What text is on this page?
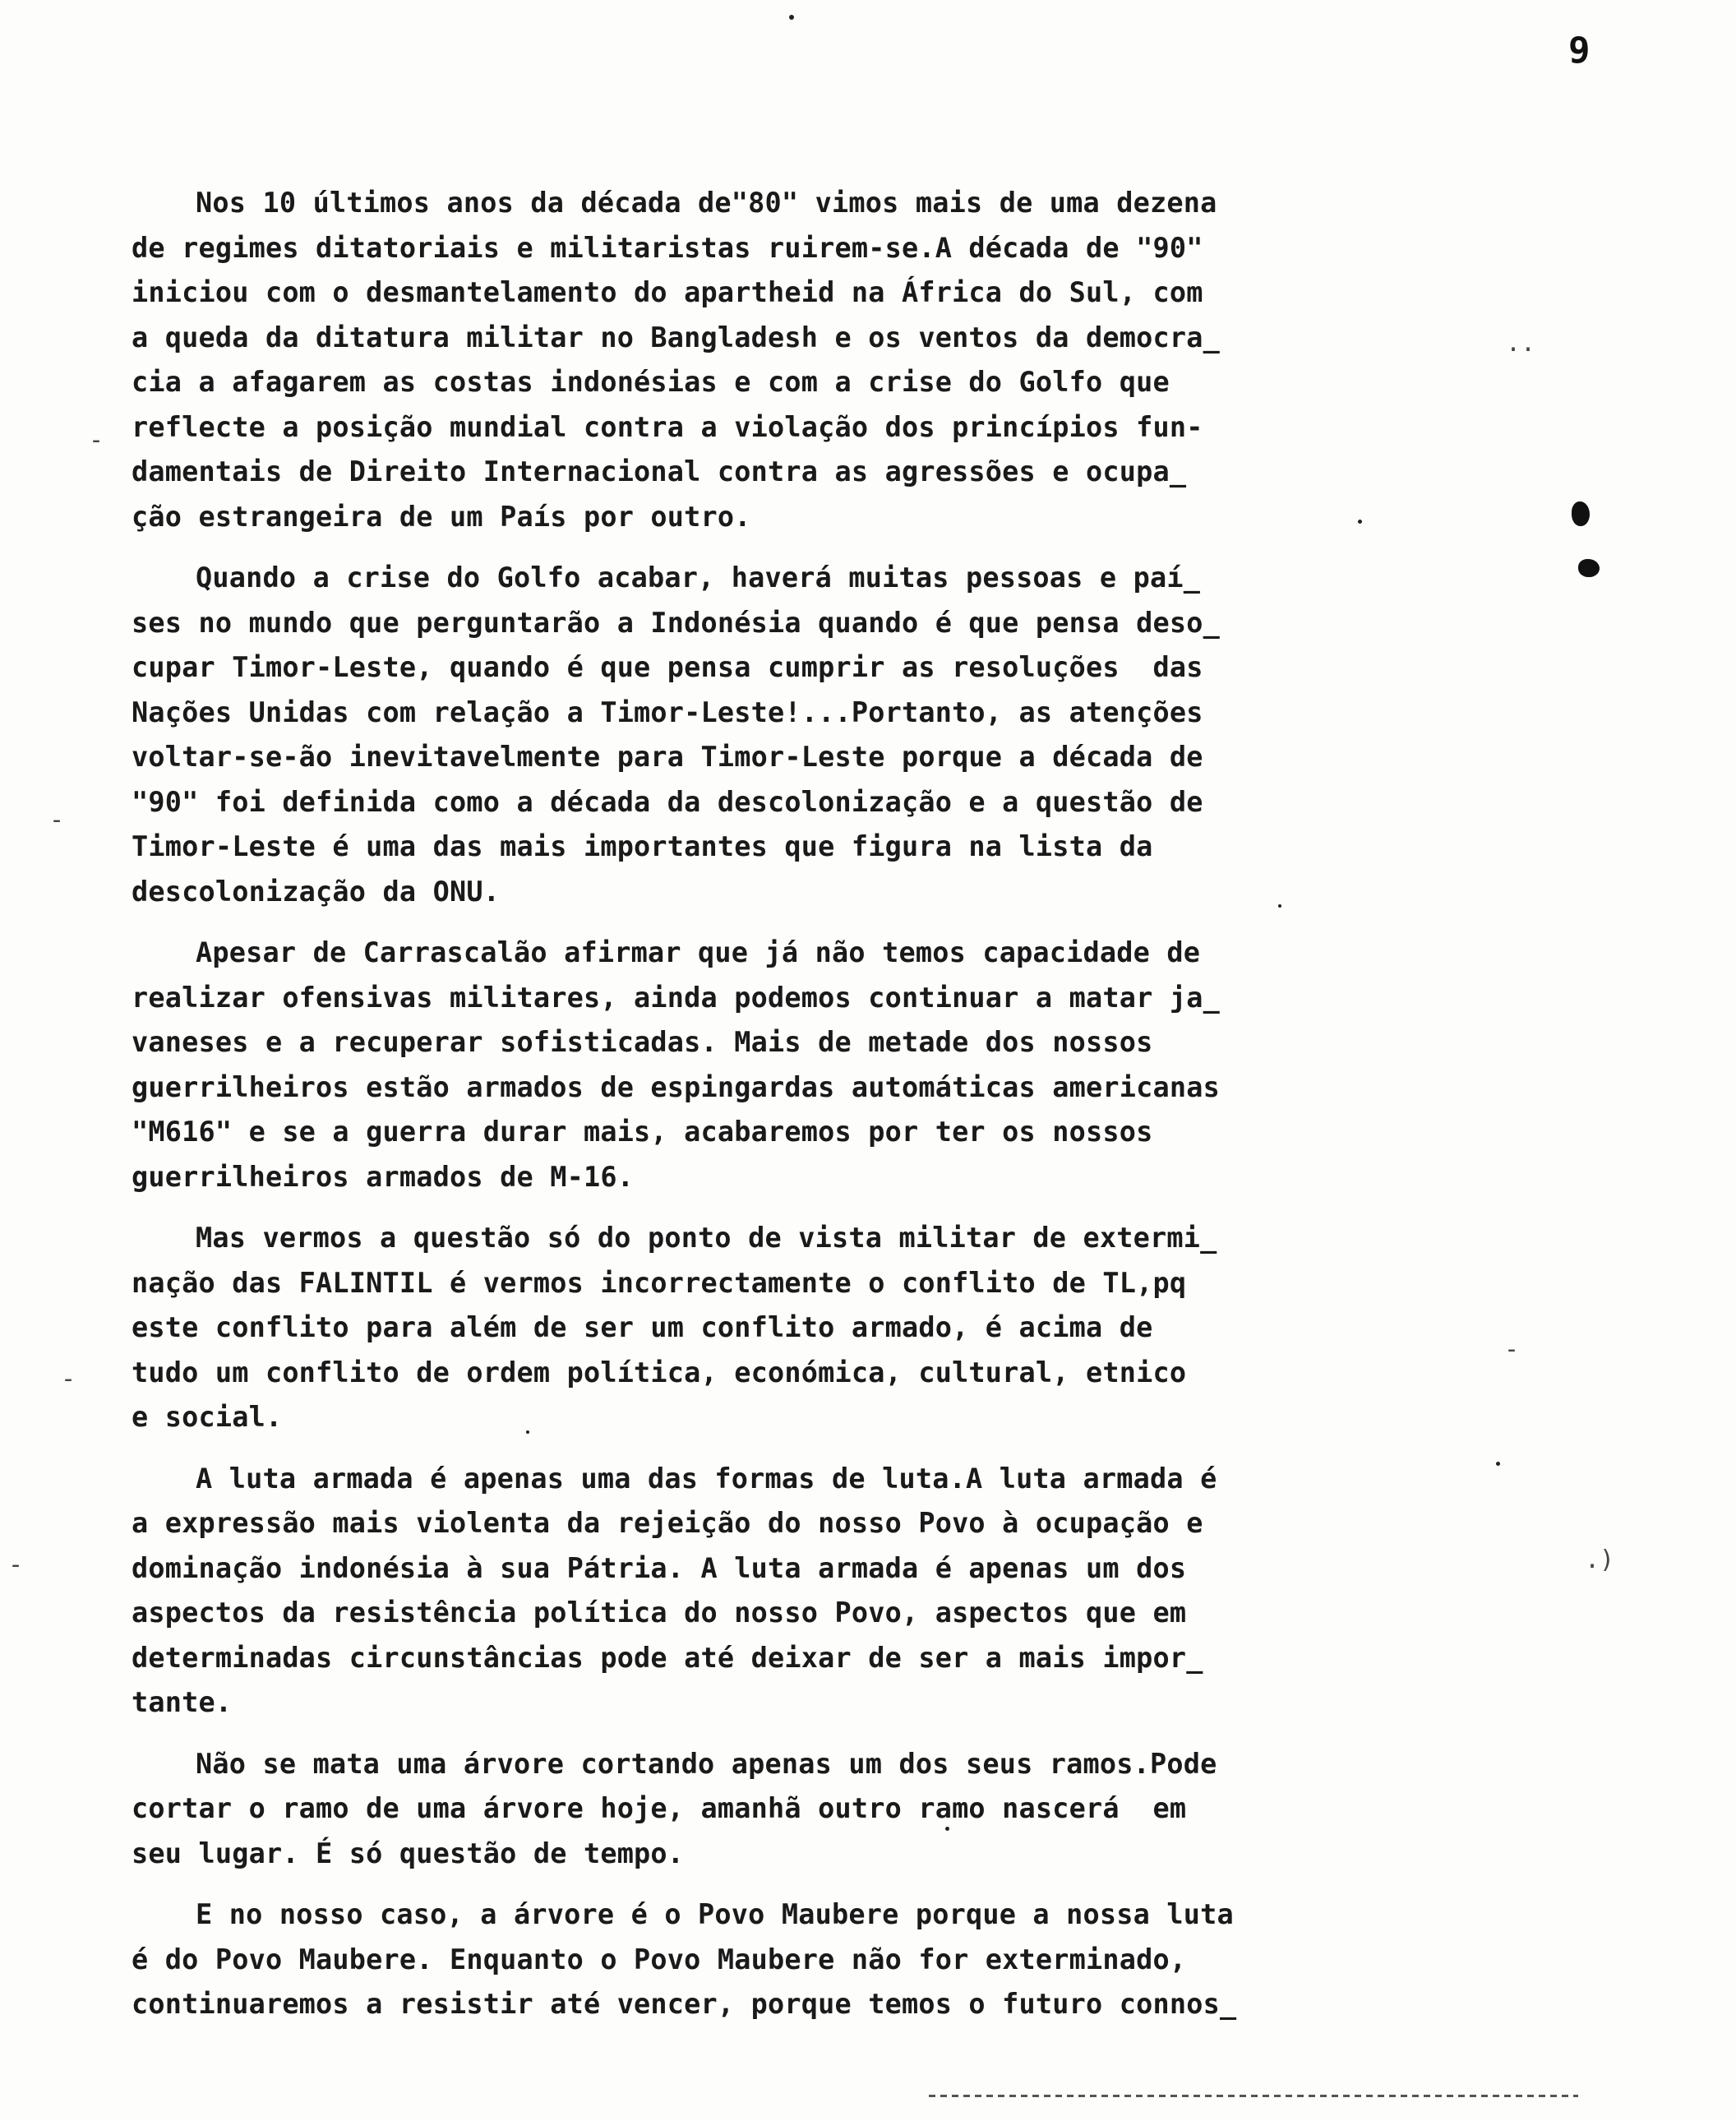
9

Nos 10 últimos anos da década de"80" vimos mais de uma dezena
de regimes ditatoriais e militaristas ruirem-se.A década de "90"
iniciou com o desmantelamento do apartheid na África do Sul, com
a queda da ditatura militar no Bangladesh e os ventos da democra_
cia a afagarem as costas indonésias e com a crise do Golfo que
reflecte a posição mundial contra a violação dos princípios fun-
damentais de Direito Internacional contra as agressões e ocupa_
ção estrangeira de um País por outro.

Quando a crise do Golfo acabar, haverá muitas pessoas e paí_
ses no mundo que perguntarão a Indonésia quando é que pensa deso_
cupar Timor-Leste, quando é que pensa cumprir as resoluções  das
Nações Unidas com relação a Timor-Leste!...Portanto, as atenções
voltar-se-ão inevitavelmente para Timor-Leste porque a década de
"90" foi definida como a década da descolonização e a questão de
Timor-Leste é uma das mais importantes que figura na lista da
descolonização da ONU.

Apesar de Carrascalão afirmar que já não temos capacidade de
realizar ofensivas militares, ainda podemos continuar a matar ja_
vaneses e a recuperar sofisticadas. Mais de metade dos nossos
guerrilheiros estão armados de espingardas automáticas americanas
"M616" e se a guerra durar mais, acabaremos por ter os nossos
guerrilheiros armados de M-16.

Mas vermos a questão só do ponto de vista militar de extermi_
nação das FALINTIL é vermos incorrectamente o conflito de TL,pq
este conflito para além de ser um conflito armado, é acima de
tudo um conflito de ordem política, económica, cultural, etnico
e social.

A luta armada é apenas uma das formas de luta.A luta armada é
a expressão mais violenta da rejeição do nosso Povo à ocupação e
dominação indonésia à sua Pátria. A luta armada é apenas um dos
aspectos da resistência política do nosso Povo, aspectos que em
determinadas circunstâncias pode até deixar de ser a mais impor_
tante.

Não se mata uma árvore cortando apenas um dos seus ramos.Pode
cortar o ramo de uma árvore hoje, amanhã outro ramo nascerá  em
seu lugar. É só questão de tempo.

E no nosso caso, a árvore é o Povo Maubere porque a nossa luta
é do Povo Maubere. Enquanto o Povo Maubere não for exterminado,
continuaremos a resistir até vencer, porque temos o futuro connos_

-
-
-
-
-
..
.)
